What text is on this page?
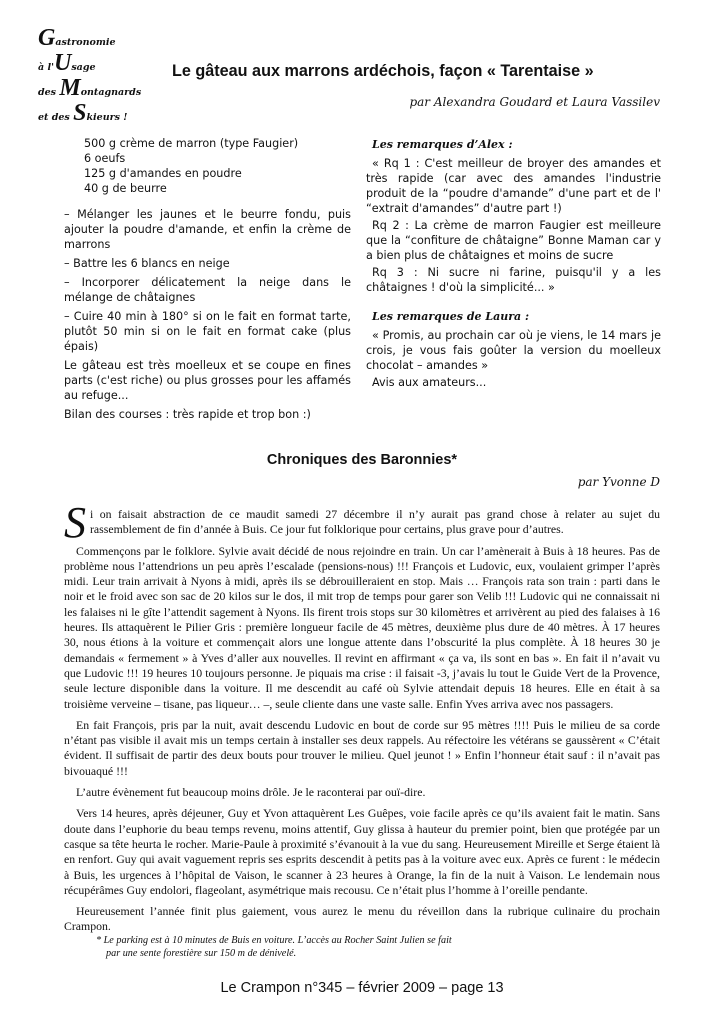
Gastronomie
à l'Usage
des Montagnards
et des Skieurs !
Le gâteau aux marrons ardéchois, façon « Tarentaise »
par Alexandra Goudard et Laura Vassilev
500 g crème de marron (type Faugier)
6 oeufs
125 g d'amandes en poudre
40 g de beurre

– Mélanger les jaunes et le beurre fondu, puis ajouter la poudre d'amande, et enfin la crème de marrons

– Battre les 6 blancs en neige

– Incorporer délicatement la neige dans le mélange de châtaignes

– Cuire 40 min à 180° si on le fait en format tarte, plutôt 50 min si on le fait en format cake (plus épais)

Le gâteau est très moelleux et se coupe en fines parts (c'est riche) ou plus grosses pour les affamés au refuge...

Bilan des courses : très rapide et trop bon :)

Les remarques d’Alex :

« Rq 1 : C'est meilleur de broyer des amandes et très rapide (car avec des amandes l'industrie produit de la “poudre d'amande” d'une part et de l' “extrait d'amandes” d'autre part !)

Rq 2 : La crème de marron Faugier est meilleure que la “confiture de châtaigne” Bonne Maman car y a bien plus de châtaignes et moins de sucre

Rq 3 : Ni sucre ni farine, puisqu'il y a les châtaignes ! d'où la simplicité... »

Les remarques de Laura :

« Promis, au prochain car où je viens, le 14 mars je crois, je vous fais goûter la version du moelleux chocolat – amandes »

Avis aux amateurs...

Chroniques des Baronnies*
par Yvonne D

Si on faisait abstraction de ce maudit samedi 27 décembre il n’y aurait pas grand chose à relater au sujet du rassemblement de fin d’année à Buis. Ce jour fut folklorique pour certains, plus grave pour d’autres.

Commençons par le folklore. Sylvie avait décidé de nous rejoindre en train. Un car l’amènerait à Buis à 18 heures. Pas de problème nous l’attendrions un peu après l’escalade (pensions-nous) !!! François et Ludovic, eux, voulaient grimper l’après midi. Leur train arrivait à Nyons à midi, après ils se débrouilleraient en stop. Mais … François rata son train : parti dans le noir et le froid avec son sac de 20 kilos sur le dos, il mit trop de temps pour garer son Velib !!! Ludovic qui ne connaissait ni les falaises ni le gîte l’attendit sagement à Nyons. Ils firent trois stops sur 30 kilomètres et arrivèrent au pied des falaises à 16 heures. Ils attaquèrent le Pilier Gris : première longueur facile de 45 mètres, deuxième plus dure de 40 mètres. À 17 heures 30, nous étions à la voiture et commençait alors une longue attente dans l’obscurité la plus complète. À 18 heures 30 je demandais « fermement » à Yves d’aller aux nouvelles. Il revint en affirmant « ça va, ils sont en bas ». En fait il n’avait vu que Ludovic !!! 19 heures 10 toujours personne. Je piquais ma crise : il faisait -3, j’avais lu tout le Guide Vert de la Provence, seule lecture disponible dans la voiture. Il me descendit au café où Sylvie attendait depuis 18 heures. Elle en était à sa troisième verveine – tisane, pas liqueur… –, seule cliente dans une vaste salle. Enfin Yves arriva avec nos passagers.

En fait François, pris par la nuit, avait descendu Ludovic en bout de corde sur 95 mètres !!!! Puis le milieu de sa corde n’étant pas visible il avait mis un temps certain à installer ses deux rappels. Au réfectoire les vétérans se gaussèrent « C’était évident. Il suffisait de partir des deux bouts pour trouver le milieu. Quel jeunot ! » Enfin l’honneur était sauf : il n’avait pas bivouaqué !!!

L’autre évènement fut beaucoup moins drôle. Je le raconterai par ouï-dire.

Vers 14 heures, après déjeuner, Guy et Yvon attaquèrent Les Guêpes, voie facile après ce qu’ils avaient fait le matin. Sans doute dans l’euphorie du beau temps revenu, moins attentif, Guy glissa à hauteur du premier point, bien que protégée par un casque sa tête heurta le rocher. Marie-Paule à proximité s’évanouit à la vue du sang. Heureusement Mireille et Serge étaient là en renfort. Guy qui avait vaguement repris ses esprits descendit à petits pas à la voiture avec eux. Après ce furent : le médecin à Buis, les urgences à l’hôpital de Vaison, le scanner à 23 heures à Orange, la fin de la nuit à Vaison. Le lendemain nous récupérâmes Guy endolori, flageolant, asymétrique mais recousu. Ce n’était plus l’homme à l’oreille pendante.

Heureusement l’année finit plus gaiement, vous aurez le menu du réveillon dans la rubrique culinaire du prochain Crampon.

* Le parking est à 10 minutes de Buis en voiture. L’accès au Rocher Saint Julien se fait
par une sente forestière sur 150 m de dénivelé.
Le Crampon n°345 – février 2009 – page 13
